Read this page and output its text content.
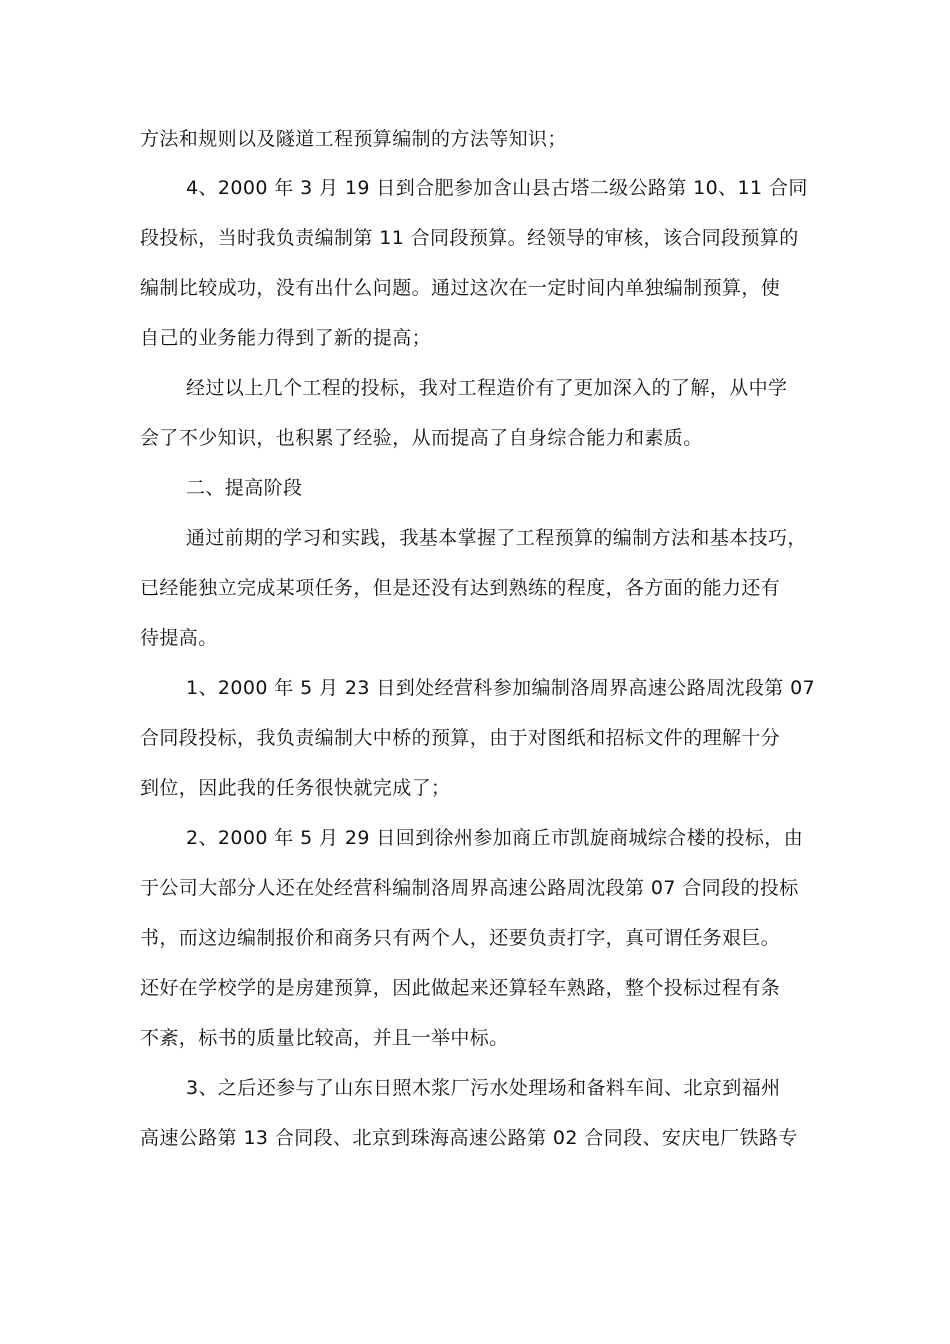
方法和规则以及隧道工程预算编制的方法等知识；
4、2000 年 3 月 19 日到合肥参加含山县古塔二级公路第 10、11 合同
段投标，当时我负责编制第 11 合同段预算。经领导的审核，该合同段预算的
编制比较成功，没有出什么问题。通过这次在一定时间内单独编制预算，使
自己的业务能力得到了新的提高；
经过以上几个工程的投标，我对工程造价有了更加深入的了解，从中学
会了不少知识，也积累了经验，从而提高了自身综合能力和素质。
二、提高阶段
通过前期的学习和实践，我基本掌握了工程预算的编制方法和基本技巧，
已经能独立完成某项任务，但是还没有达到熟练的程度，各方面的能力还有
待提高。
1、2000 年 5 月 23 日到处经营科参加编制洛周界高速公路周沈段第 07
合同段投标，我负责编制大中桥的预算，由于对图纸和招标文件的理解十分
到位，因此我的任务很快就完成了；
2、2000 年 5 月 29 日回到徐州参加商丘市凯旋商城综合楼的投标，由
于公司大部分人还在处经营科编制洛周界高速公路周沈段第 07 合同段的投标
书，而这边编制报价和商务只有两个人，还要负责打字，真可谓任务艰巨。
还好在学校学的是房建预算，因此做起来还算轻车熟路，整个投标过程有条
不紊，标书的质量比较高，并且一举中标。
3、之后还参与了山东日照木浆厂污水处理场和备料车间、北京到福州
高速公路第 13 合同段、北京到珠海高速公路第 02 合同段、安庆电厂铁路专
